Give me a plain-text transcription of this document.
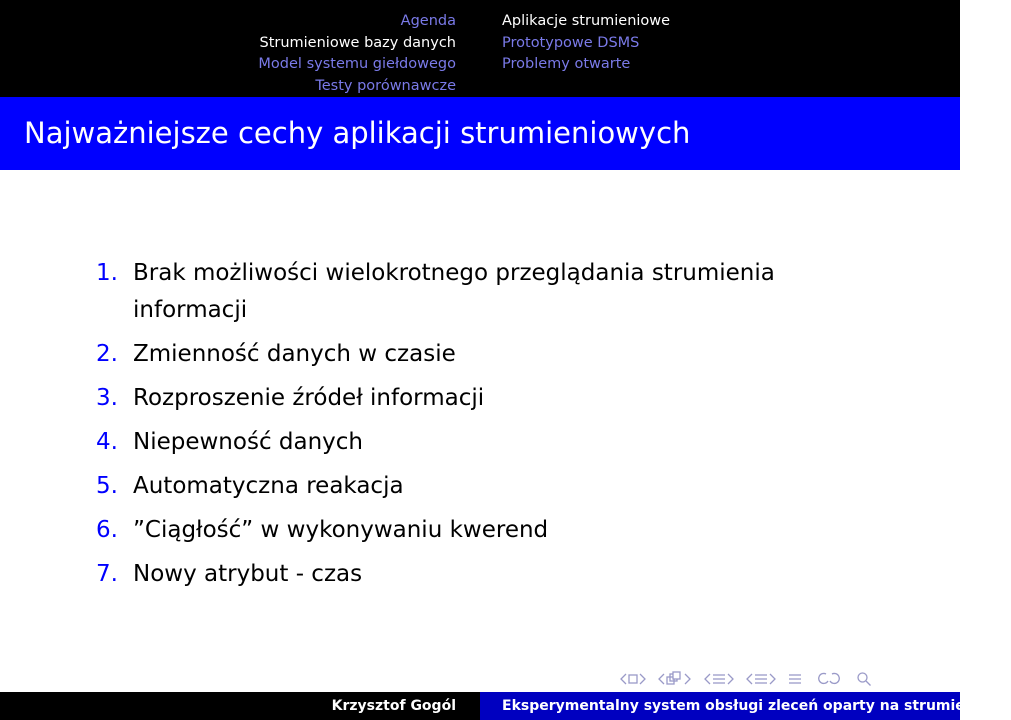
Agenda
Strumieniowe bazy danych
Model systemu giełdowego
Testy porównawcze
Aplikacje strumieniowe
Prototypowe DSMS
Problemy otwarte
Najważniejsze cechy aplikacji strumieniowych
1. Brak możliwości wielokrotnego przeglądania strumienia informacji
2. Zmienność danych w czasie
3. Rozproszenie źródeł informacji
4. Niepewność danych
5. Automatyczna reakacja
6. ”Ciągłość” w wykonywaniu kwerend
7. Nowy atrybut - czas
Krzysztof Gogól	Eksperymentalny system obsługi zleceń oparty na strumieniowy
